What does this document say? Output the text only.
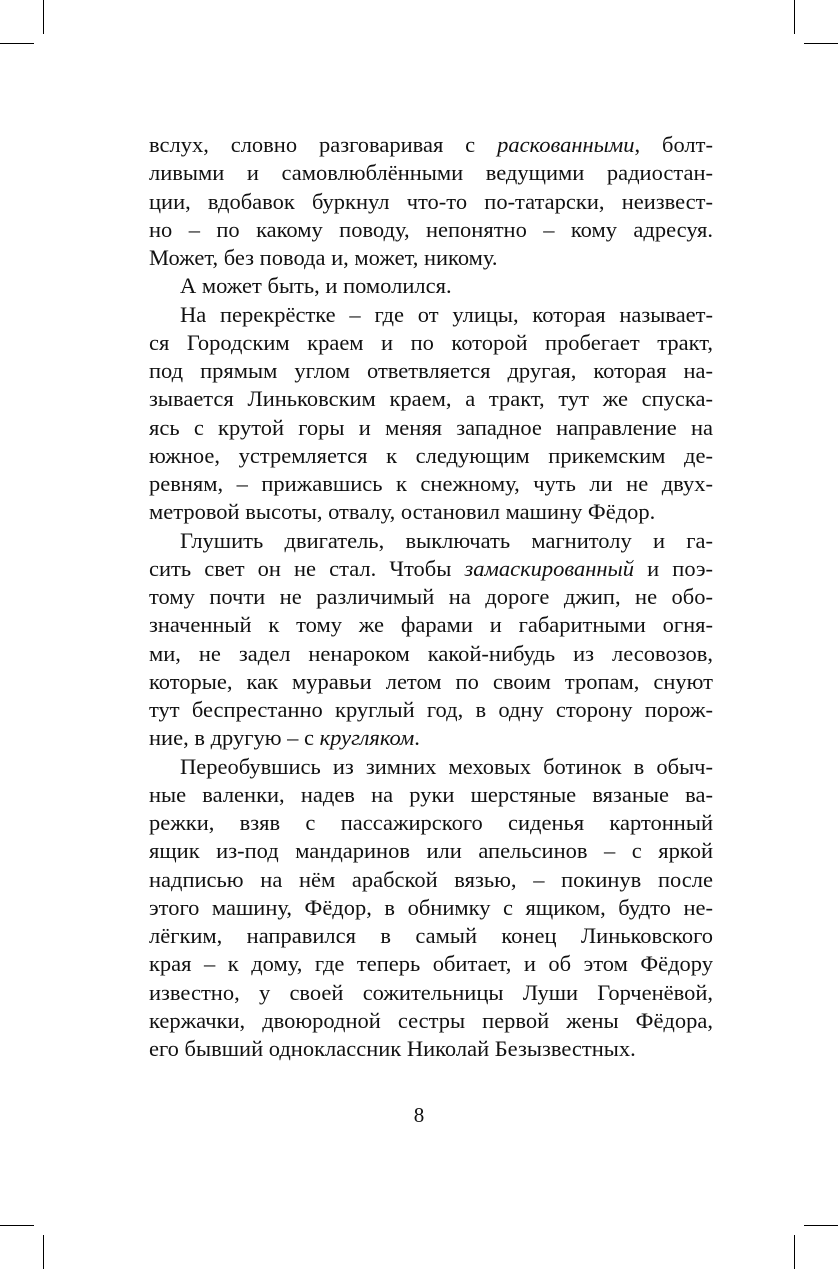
вслух, словно разговаривая с раскованными, болт-
ливыми и самовлюблёнными ведущими радиостан-
ции, вдобавок буркнул что-то по-татарски, неизвест-
но – по какому поводу, непонятно – кому адресуя.
Может, без повода и, может, никому.
А может быть, и помолился.
На перекрёстке – где от улицы, которая называет-
ся Городским краем и по которой пробегает тракт,
под прямым углом ответвляется другая, которая на-
зывается Линьковским краем, а тракт, тут же спуска-
ясь с крутой горы и меняя западное направление на
южное, устремляется к следующим прикемским де-
ревням, – прижавшись к снежному, чуть ли не двух-
метровой высоты, отвалу, остановил машину Фёдор.
Глушить двигатель, выключать магнитолу и га-
сить свет он не стал. Чтобы замаскированный и поэ-
тому почти не различимый на дороге джип, не обо-
значенный к тому же фарами и габаритными огня-
ми, не задел ненароком какой-нибудь из лесовозов,
которые, как муравьи летом по своим тропам, снуют
тут беспрестанно круглый год, в одну сторону порож-
ние, в другую – с кругляком.
Переобувшись из зимних меховых ботинок в обыч-
ные валенки, надев на руки шерстяные вязаные ва-
режки, взяв с пассажирского сиденья картонный
ящик из-под мандаринов или апельсинов – с яркой
надписью на нём арабской вязью, – покинув после
этого машину, Фёдор, в обнимку с ящиком, будто не-
лёгким, направился в самый конец Линьковского
края – к дому, где теперь обитает, и об этом Фёдору
известно, у своей сожительницы Луши Горченёвой,
кержачки, двоюродной сестры первой жены Фёдора,
его бывший одноклассник Николай Безызвестных.
8
